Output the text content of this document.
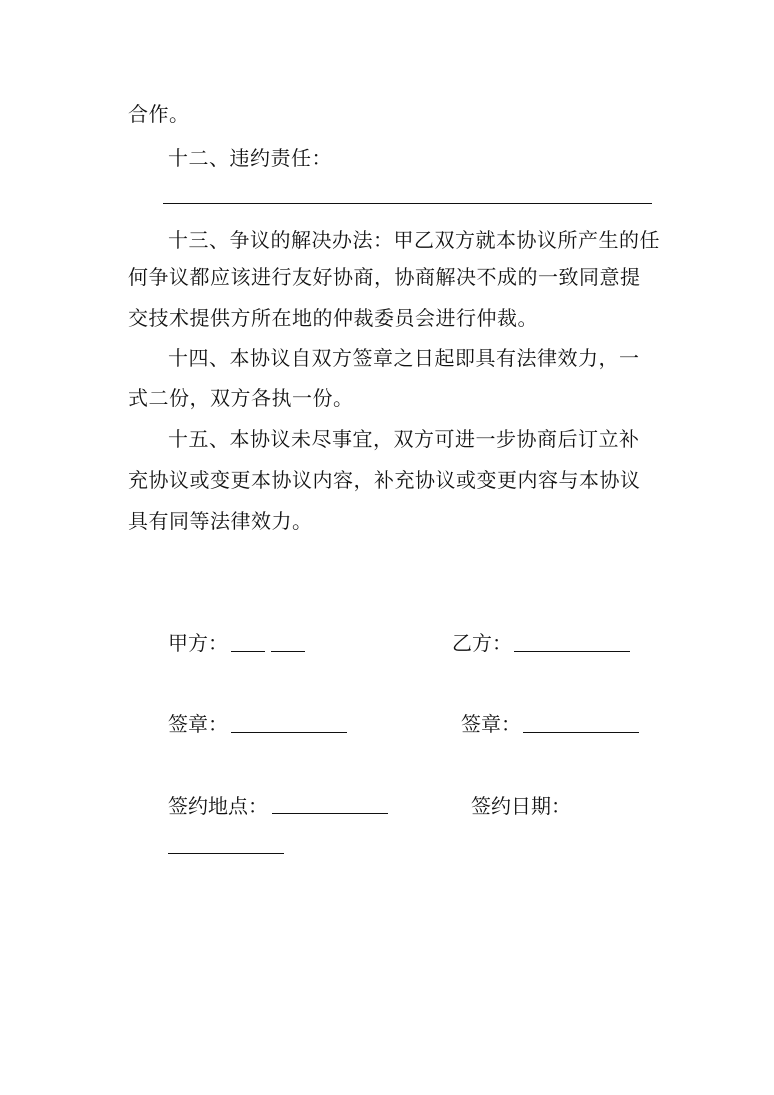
合作。
十二、违约责任：
十三、争议的解决办法：甲乙双方就本协议所产生的任
何争议都应该进行友好协商，协商解决不成的一致同意提
交技术提供方所在地的仲裁委员会进行仲裁。
十四、本协议自双方签章之日起即具有法律效力，一
式二份，双方各执一份。
十五、本协议未尽事宜，双方可进一步协商后订立补
充协议或变更本协议内容，补充协议或变更内容与本协议
具有同等法律效力。
甲方：	乙方：
签章：	签章：
签约地点：	签约日期：
